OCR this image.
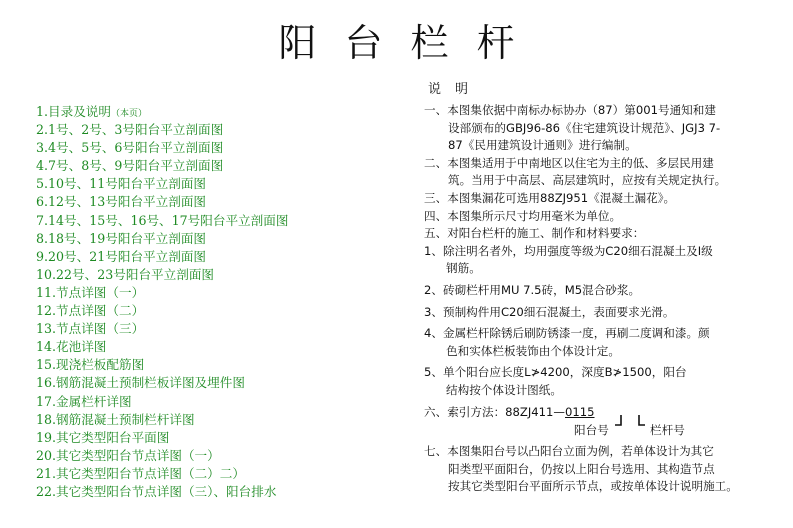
阳台栏杆
1.目录及说明（本页）
2.1号、2号、3号阳台平立剖面图
3.4号、5号、6号阳台平立剖面图
4.7号、8号、9号阳台平立剖面图
5.10号、11号阳台平立剖面图
6.12号、13号阳台平立剖面图
7.14号、15号、16号、17号阳台平立剖面图
8.18号、19号阳台平立剖面图
9.20号、21号阳台平立剖面图
10.22号、23号阳台平立剖面图
11.节点详图（一）
12.节点详图（二）
13.节点详图（三）
14.花池详图
15.现浇栏板配筋图
16.钢筋混凝土预制栏板详图及埋件图
17.金属栏杆详图
18.钢筋混凝土预制栏杆详图
19.其它类型阳台平面图
20.其它类型阳台节点详图（一）
21.其它类型阳台节点详图（二）二）
22.其它类型阳台节点详图（三）、阳台排水
说明
一、本图集依据中南标办标协办（87）第001号通知和建
设部颁布的GBJ96-86《住宅建筑设计规范》、JGJ3 7-
87《民用建筑设计通则》进行编制。
二、本图集适用于中南地区以住宅为主的低、多层民用建
筑。当用于中高层、高层建筑时，应按有关规定执行。
三、本图集漏花可选用88ZJ951《混凝土漏花》。
四、本图集所示尺寸均用毫米为单位。
五、对阳台栏杆的施工、制作和材料要求：
1、除注明名者外，均用强度等级为C20细石混凝土及Ⅰ级
钢筋。
2、砖砌栏杆用MU 7.5砖，M5混合砂浆。
3、预制构件用C20细石混凝土，表面要求光滑。
4、金属栏杆除锈后刷防锈漆一度，再刷二度调和漆。颜
色和实体栏板装饰由个体设计定。
5、单个阳台应长度L≯4200，深度B≯1500，阳台
结构按个体设计图纸。
六、索引方法：88ZJ411—0115
阳台号	栏杆号
七、本图集阳台号以凸阳台立面为例，若单体设计为其它
阳类型平面阳台，仍按以上阳台号选用、其构造节点
按其它类型阳台平面所示节点，或按单体设计说明施工。
